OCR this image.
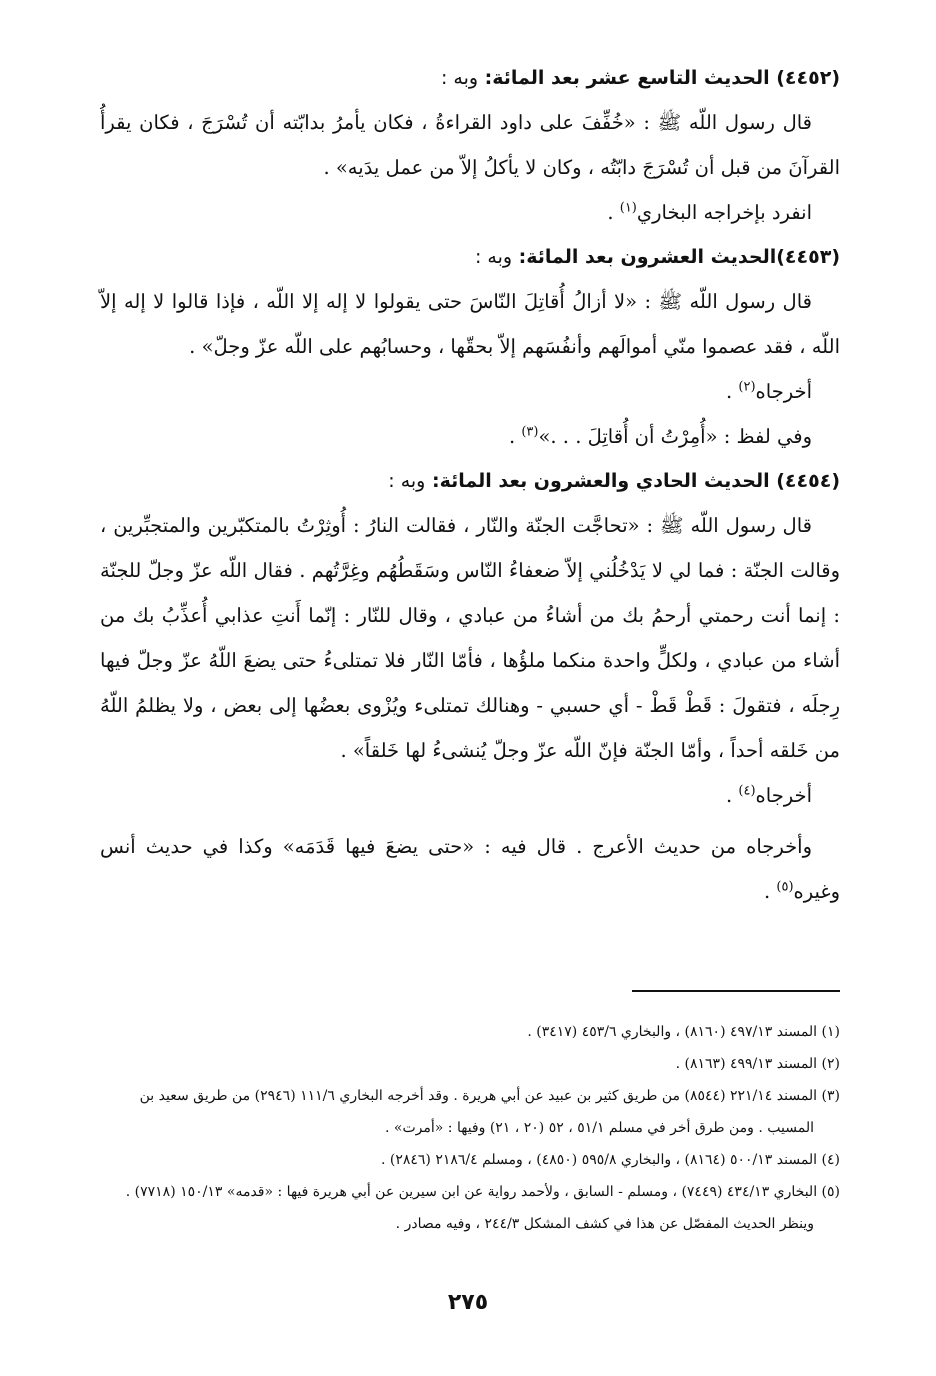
(٤٤٥٢) الحديث التاسع عشر بعد المائة: وبه :

قال رسول اللّه ﷺ : «خُفِّفَ على داود القراءةُ ، فكان يأمرُ بدابّته أن تُسْرَجَ ، فكان يقرأُ القرآنَ من قبل أن تُسْرَجَ دابّتُه ، وكان لا يأكلُ إلاّ من عمل يدَيه» .

انفرد بإخراجه البخاري$^{(١)}$ .

(٤٤٥٣)الحديث العشرون بعد المائة: وبه :

قال رسول اللّه ﷺ : «لا أزالُ أُقاتِلَ النّاسَ حتى يقولوا لا إله إلا اللّه ، فإذا قالوا لا إله إلاّ اللّه ، فقد عصموا منّي أموالَهم وأنفُسَهم إلاّ بحقّها ، وحسابُهم على اللّه عزّ وجلّ» .

أخرجاه$^{(٢)}$ .

وفي لفظ : «أُمِرْتُ أن أُقاتِلَ . . .»$^{(٣)}$ .

(٤٤٥٤) الحديث الحادي والعشرون بعد المائة: وبه :

قال رسول اللّه ﷺ : «تحاجَّت الجنّة والنّار ، فقالت النارُ : أُوثِرْتُ بالمتكبّرين والمتجبِّرين ، وقالت الجنّة : فما لي لا يَدْخُلُني إلاّ ضعفاءُ النّاس وسَقَطُهُم وغِرَّتُهم . فقال اللّه عزّ وجلّ للجنّة : إنما أنت رحمتي أرحمُ بك من أشاءُ من عبادي ، وقال للنّار : إنّما أَنتِ عذابي أُعذِّبُ بك من أشاء من عبادي ، ولكلٍّ واحدة منكما ملؤُها ، فأمّا النّار فلا تمتلىءُ حتى يضعَ اللّهُ عزّ وجلّ فيها رِجلَه ، فتقولَ : قَطْ قَطْ - أي حسبي - وهنالك تمتلىء ويُزْوى بعضُها إلى بعض ، ولا يظلمُ اللّهُ من خَلقه أحداً ، وأمّا الجنّة فإنّ اللّه عزّ وجلّ يُنشىءُ لها خَلقاً» .

أخرجاه$^{(٤)}$ .

وأخرجاه من حديث الأعرج . قال فيه : «حتى يضعَ فيها قَدَمَه» وكذا في حديث أنس وغيره$^{(٥)}$ .

(١) المسند ٤٩٧/١٣ (٨١٦٠) ، والبخاري ٤٥٣/٦ (٣٤١٧) .

(٢) المسند ٤٩٩/١٣ (٨١٦٣) .

(٣) المسند ٢٢١/١٤ (٨٥٤٤) من طريق كثير بن عبيد عن أبي هريرة . وقد أخرجه البخاري ١١١/٦ (٢٩٤٦) من طريق سعيد بن المسيب . ومن طرق أخر في مسلم ٥١/١ ، ٥٢ (٢٠ ، ٢١) وفيها : «أمرت» .

(٤) المسند ٥٠٠/١٣ (٨١٦٤) ، والبخاري ٥٩٥/٨ (٤٨٥٠) ، ومسلم ٢١٨٦/٤ (٢٨٤٦) .

(٥) البخاري ٤٣٤/١٣ (٧٤٤٩) ، ومسلم - السابق ، ولأحمد رواية عن ابن سيرين عن أبي هريرة فيها : «قدمه» ١٥٠/١٣ (٧٧١٨) . وينظر الحديث المفصّل عن هذا في كشف المشكل ٢٤٤/٣ ، وفيه مصادر .

٢٧٥
